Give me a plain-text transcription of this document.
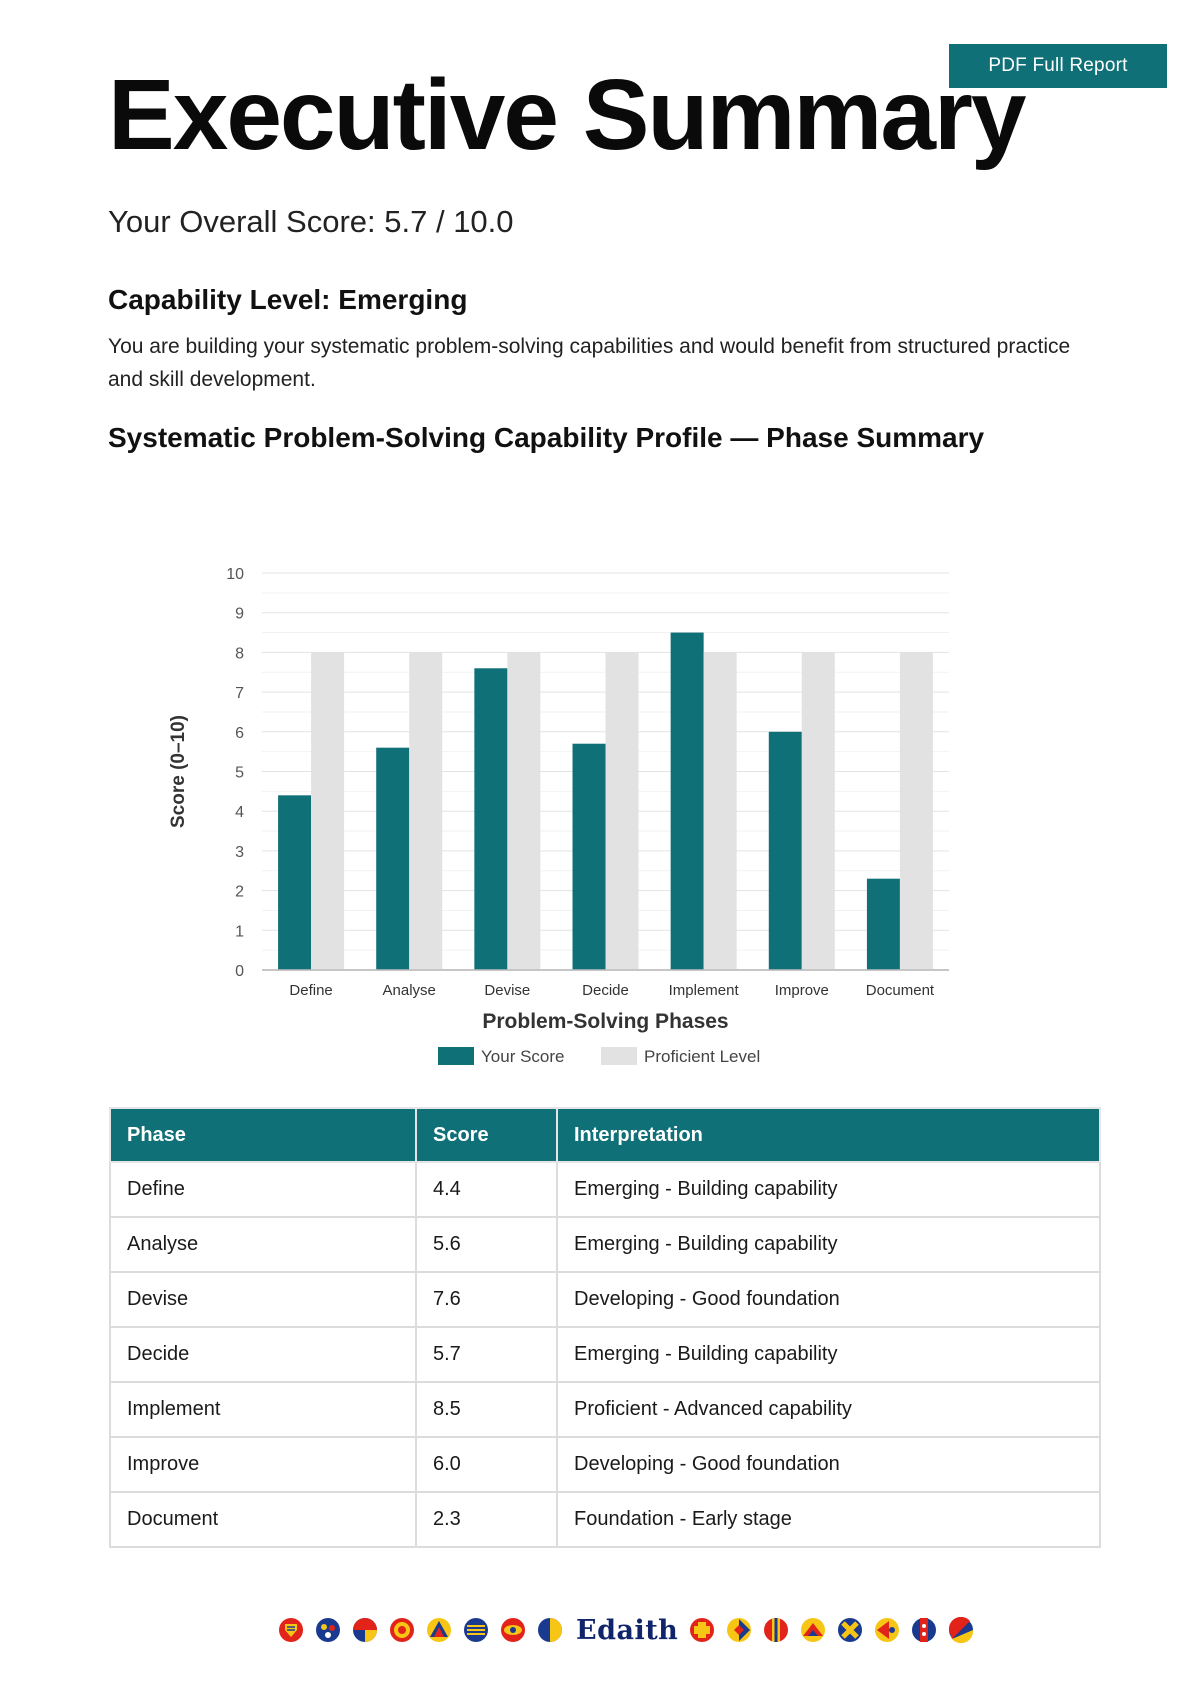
PDF Full Report
Executive Summary
Your Overall Score: 5.7 / 10.0
Capability Level: Emerging

You are building your systematic problem-solving capabilities and would benefit from structured practice and skill development.

Systematic Problem-Solving Capability Profile — Phase Summary
0
1
2
3
4
5
6
7
8
9
10
Define	Analyse	Devise	Decide	Implement Improve Document
Problem-Solving Phases
Score (0–10)
Your Score	Proficient Level
Phase	Score	Interpretation
Define	4.4	Emerging - Building capability
Analyse	5.6	Emerging - Building capability
Devise	7.6	Developing - Good foundation
Decide	5.7	Emerging - Building capability
Implement	8.5	Proficient - Advanced capability
Improve	6.0	Developing - Good foundation
Document	2.3	Foundation - Early stage
Edaith
